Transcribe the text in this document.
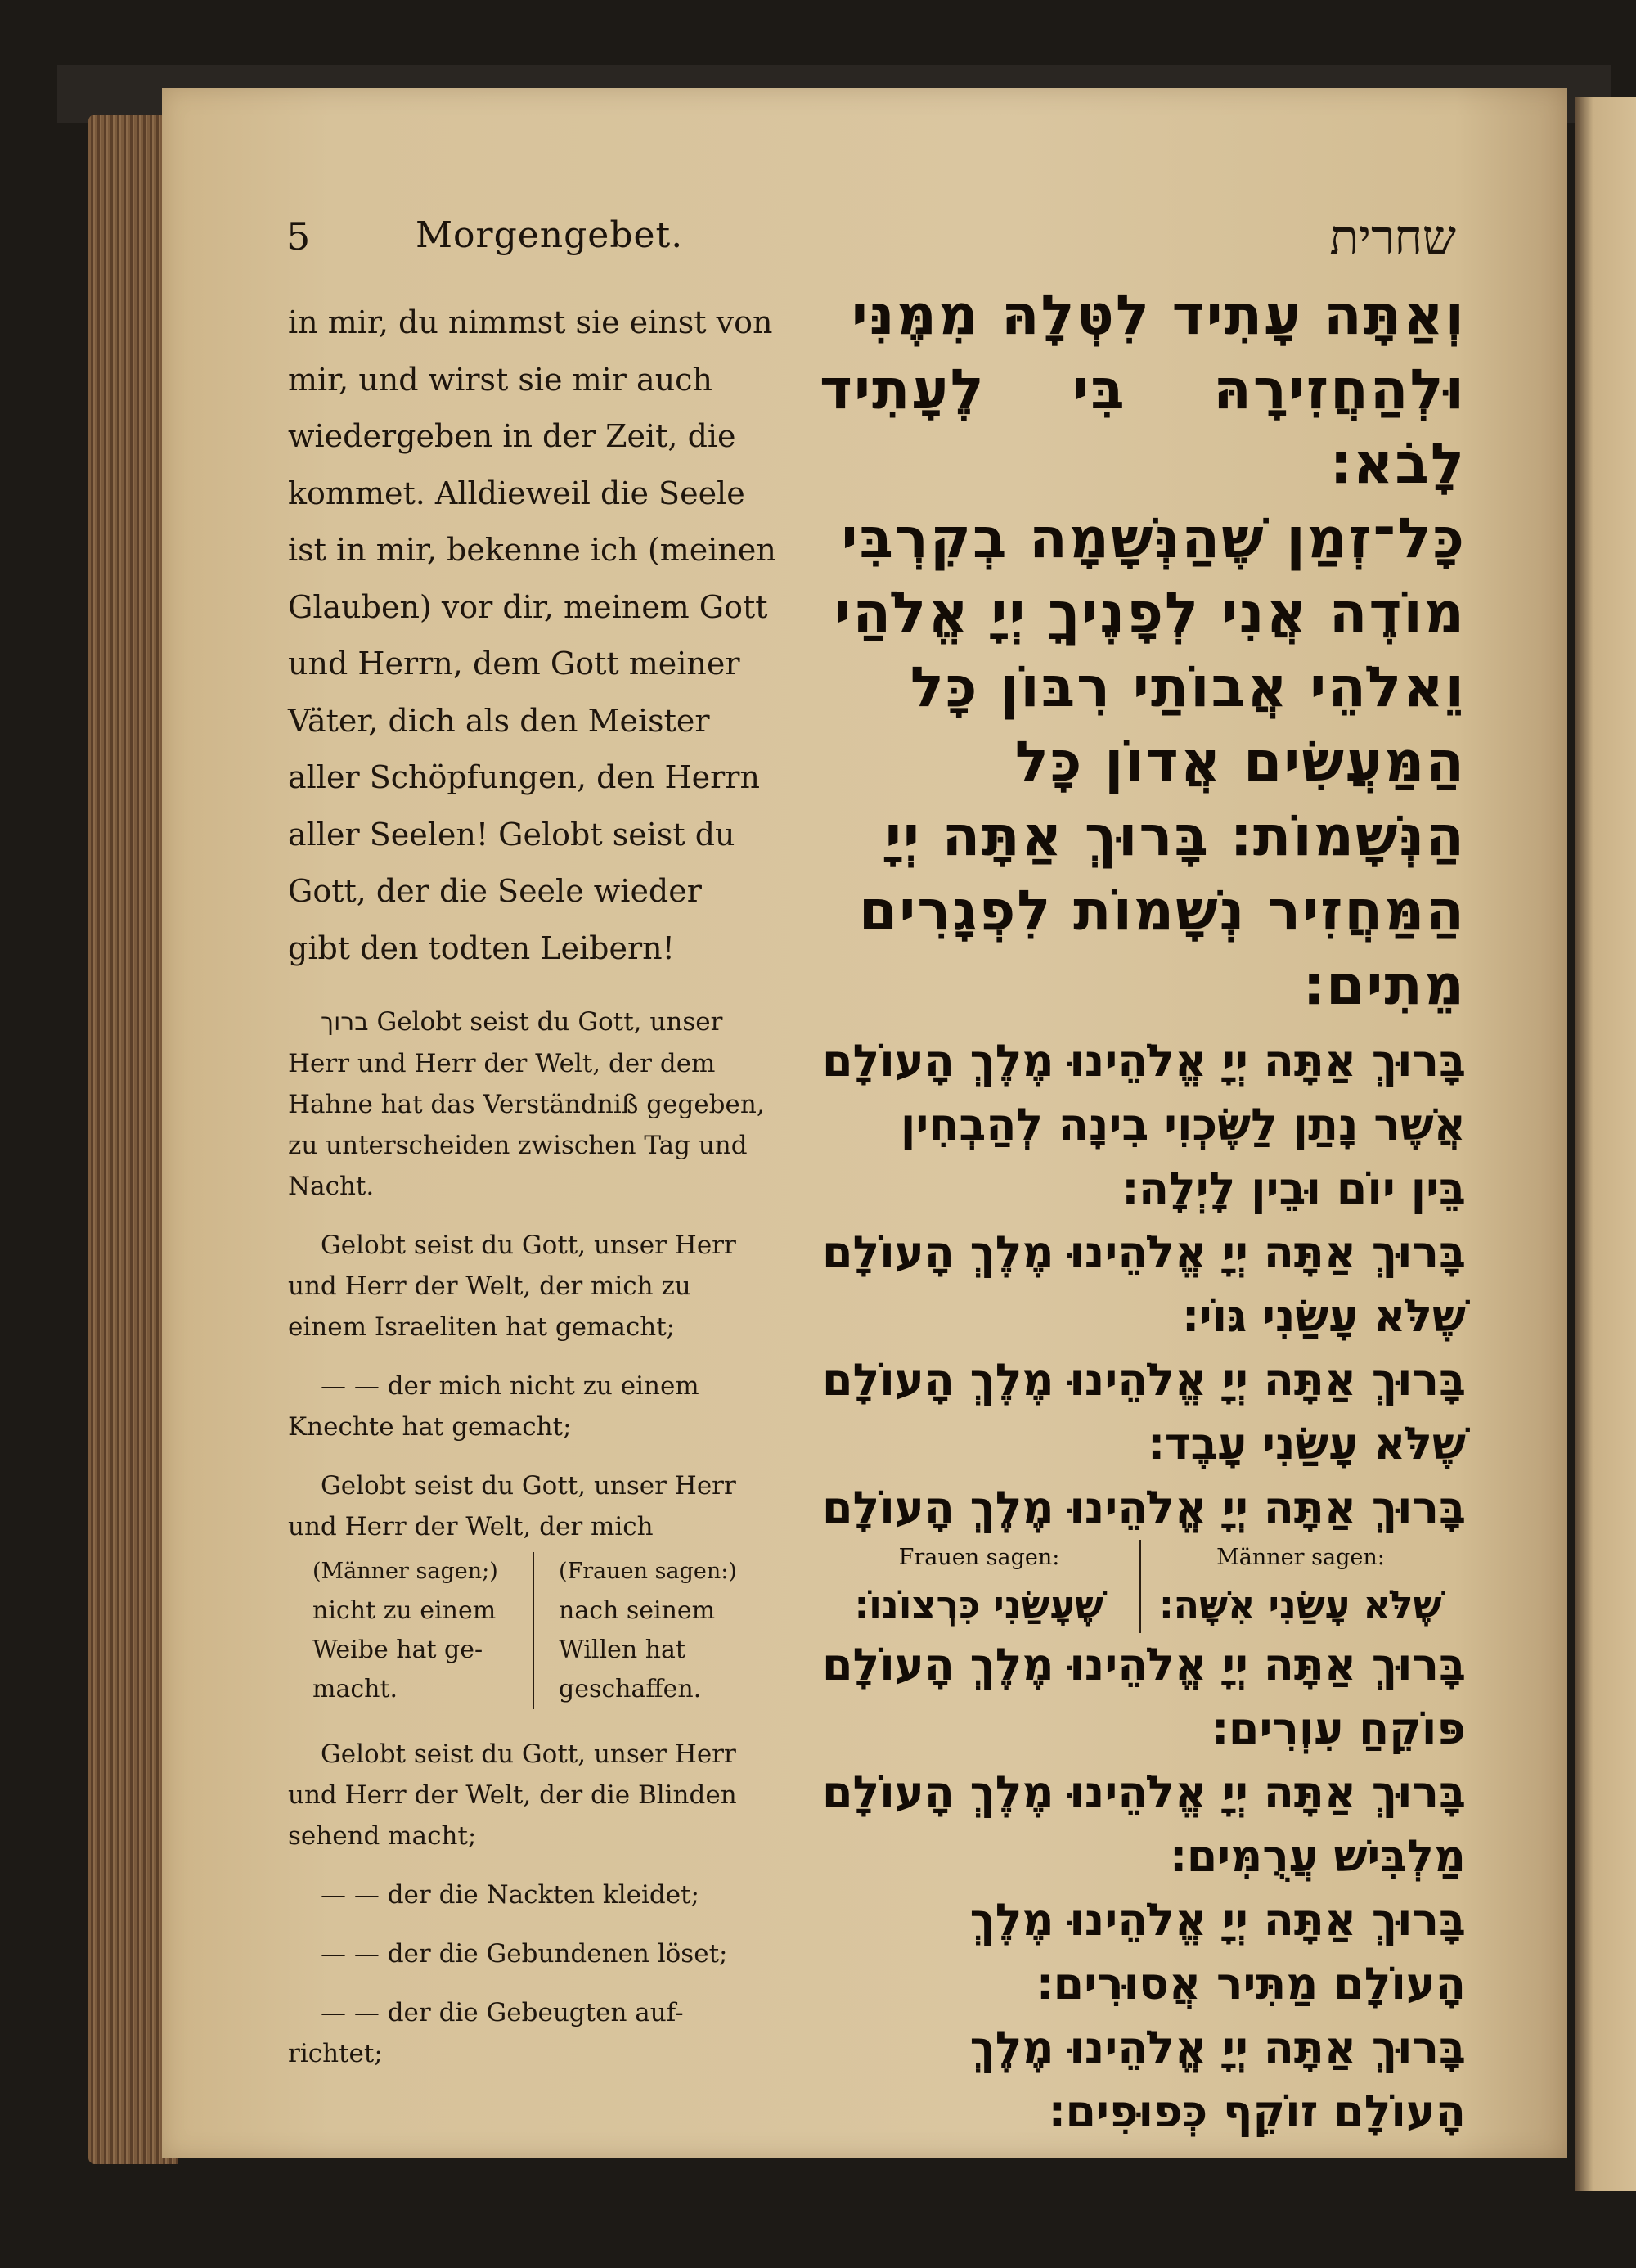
5	Morgengebet.	שחרית

in mir, du nimmst sie einst von

mir, und wirst sie mir auch

wiedergeben in der Zeit, die

kommet. Alldieweil die Seele

ist in mir, bekenne ich (meinen

Glauben) vor dir, meinem Gott

und Herrn, dem Gott meiner

Väter, dich als den Meister

aller Schöpfungen, den Herrn

aller Seelen! Gelobt seist du

Gott, der die Seele wieder

gibt den todten Leibern!

ברוך Gelobt seist du Gott, unser

Herr und Herr der Welt, der dem

Hahne hat das Verständniß gegeben,

zu unterscheiden zwischen Tag und

Nacht.

Gelobt seist du Gott, unser Herr

und Herr der Welt, der mich zu

einem Israeliten hat gemacht;

— — der mich nicht zu einem

Knechte hat gemacht;

Gelobt seist du Gott, unser Herr

und Herr der Welt, der mich

(Männer sagen;)
nicht zu einem
Weibe hat ge-
macht.
(Frauen sagen:)
nach seinem
Willen hat
geschaffen.

Gelobt seist du Gott, unser Herr

und Herr der Welt, der die Blinden

sehend macht;

— — der die Nackten kleidet;

— — der die Gebundenen löset;

— — der die Gebeugten auf-

richtet;

וְאַתָּה עָתִיד לִטְּלָהּ מִמֶּנִּי

וּלְהַחֲזִירָהּ בִּי לֶעָתִיד לָבֹא׃

כָּל־זְמַן שֶׁהַנְּשָׁמָה בְקִרְבִּי

מוֹדֶה אֲנִי לְפָנֶיךָ יְיָ אֱלֹהַי

וֵאלֹהֵי אֲבוֹתַי רִבּוֹן כָּל

הַמַּעֲשִׂים אֲדוֹן כָּל

הַנְּשָׁמוֹת׃ בָּרוּךְ אַתָּה יְיָ

הַמַּחֲזִיר נְשָׁמוֹת לִפְגָרִים

מֵתִים׃

בָּרוּךְ אַתָּה יְיָ אֱלֹהֵינוּ מֶלֶךְ הָעוֹלָם

אֲשֶׁר נָתַן לַשֶּׂכְוִי בִינָה לְהַבְחִין

בֵּין יוֹם וּבֵין לָיְלָה׃

בָּרוּךְ אַתָּה יְיָ אֱלֹהֵינוּ מֶלֶךְ הָעוֹלָם

שֶׁלֹּא עָשַׂנִי גּוֹי׃

בָּרוּךְ אַתָּה יְיָ אֱלֹהֵינוּ מֶלֶךְ הָעוֹלָם

שֶׁלֹּא עָשַׂנִי עָבֶד׃

בָּרוּךְ אַתָּה יְיָ אֱלֹהֵינוּ מֶלֶךְ הָעוֹלָם

Frauen sagen:
שֶׁעָשַׂנִי כִּרְצוֹנוֹ׃
Männer sagen:
שֶׁלֹּא עָשַׂנִי אִשָּׁה׃

בָּרוּךְ אַתָּה יְיָ אֱלֹהֵינוּ מֶלֶךְ הָעוֹלָם

פּוֹקֵחַ עִוְרִים׃

בָּרוּךְ אַתָּה יְיָ אֱלֹהֵינוּ מֶלֶךְ הָעוֹלָם

מַלְבִּישׁ עֲרֻמִּים׃

בָּרוּךְ אַתָּה יְיָ אֱלֹהֵינוּ מֶלֶךְ

הָעוֹלָם מַתִּיר אֲסוּרִים׃

בָּרוּךְ אַתָּה יְיָ אֱלֹהֵינוּ מֶלֶךְ

הָעוֹלָם זוֹקֵף כְּפוּפִים׃
